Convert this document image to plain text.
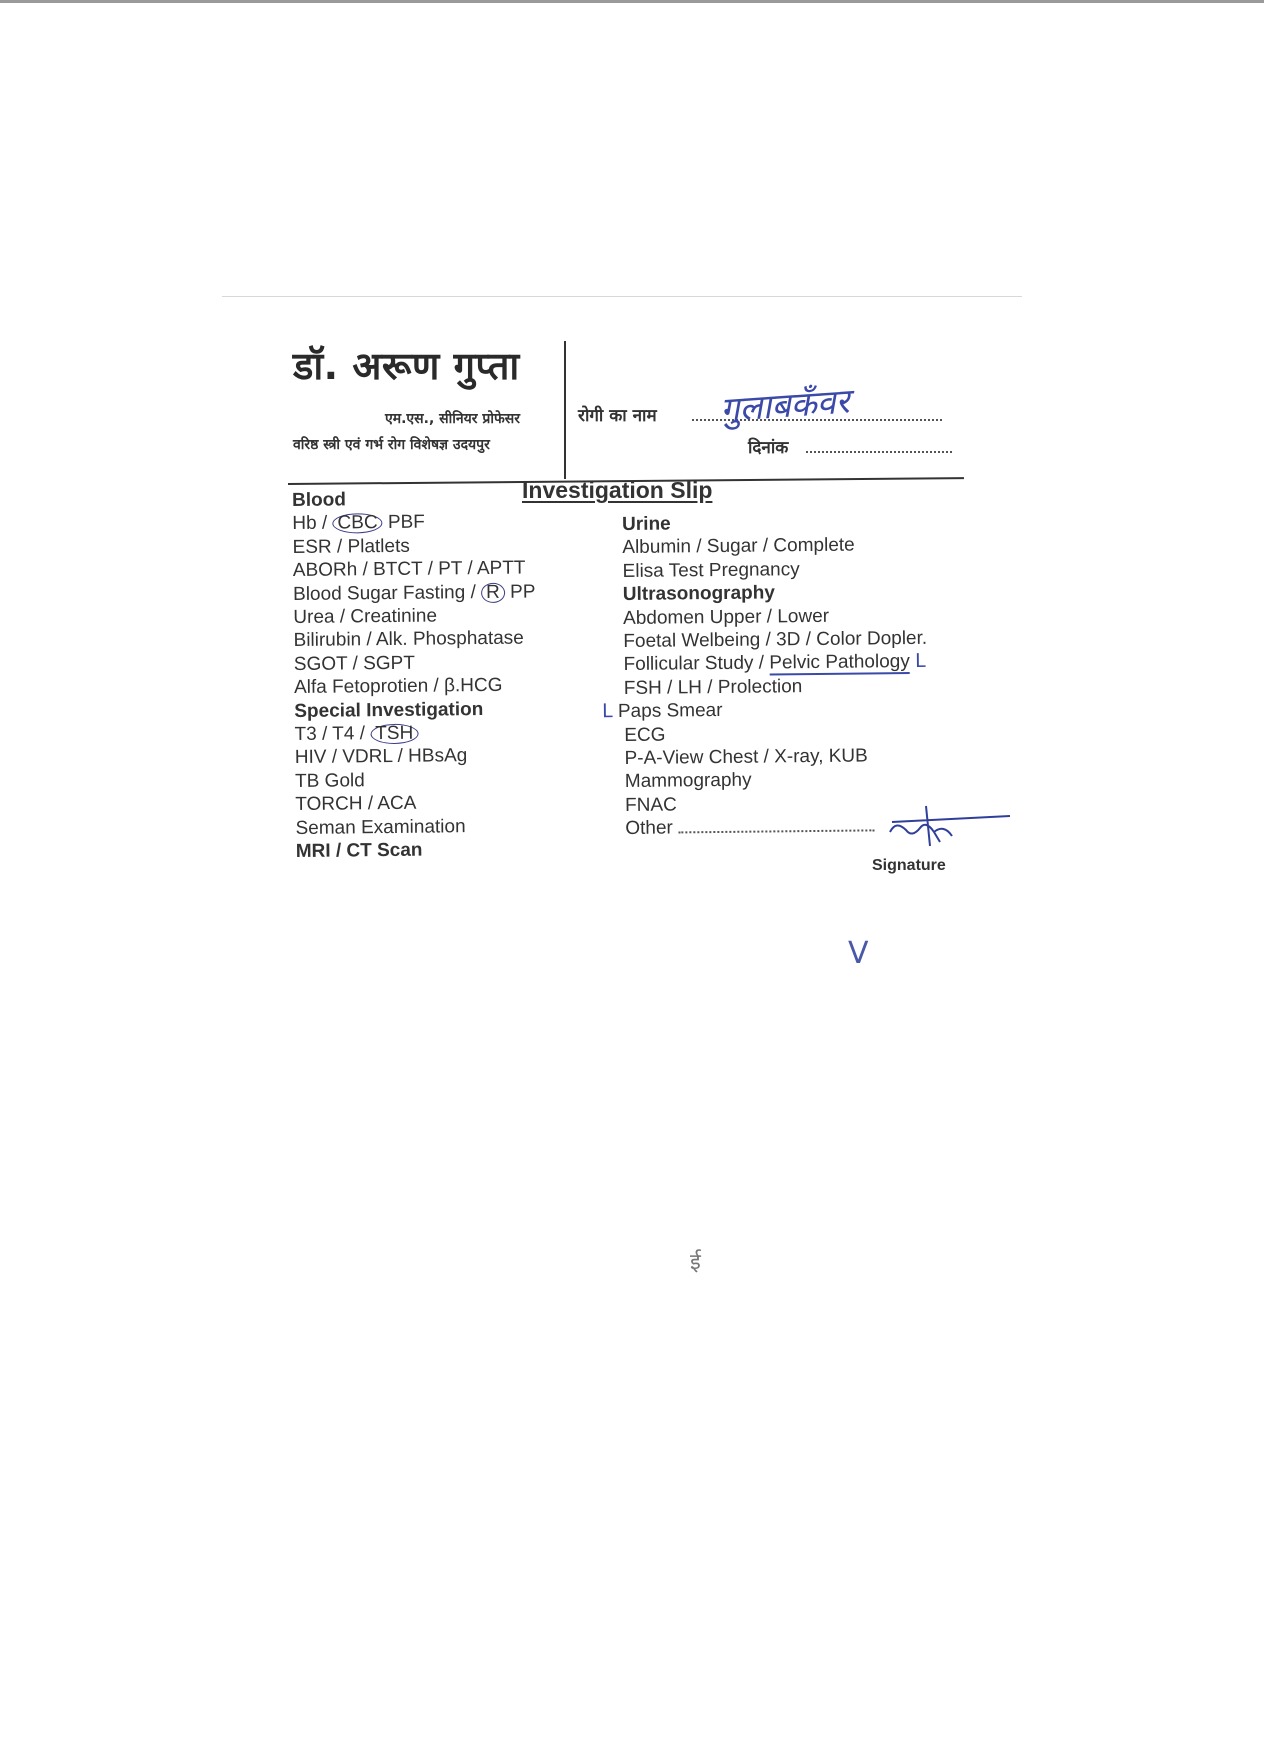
डॉ. अरूण गुप्ता
एम.एस., सीनियर प्रोफेसर
वरिष्ठ स्त्री एवं गर्भ रोग विशेषज्ञ उदयपुर
रोगी का नाम गुलाबकँवर
दिनांक
Investigation Slip
Blood
Hb / CBC PBF
ESR / Platlets
ABORh / BTCT / PT / APTT
Blood Sugar Fasting / R PP
Urea / Creatinine
Bilirubin / Alk. Phosphatase
SGOT / SGPT
Alfa Fetoprotien / β.HCG
Special Investigation
T3 / T4 / TSH
HIV / VDRL / HBsAg
TB Gold
TORCH / ACA
Seman Examination
MRI / CT Scan
Urine
Albumin / Sugar / Complete
Elisa Test Pregnancy
Ultrasonography
Abdomen Upper / Lower
Foetal Welbeing / 3D / Color Dopler.
Follicular Study / Pelvic Pathology L
FSH / LH / Prolection
L Paps Smear
ECG
P-A-View Chest / X-ray, KUB
Mammography
FNAC
Other
Signature
V
ई
